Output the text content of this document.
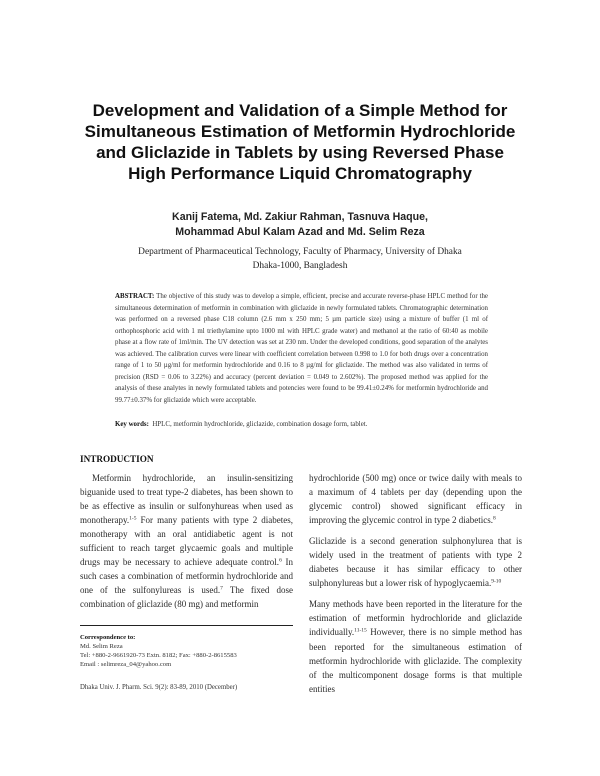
Development and Validation of a Simple Method for
Simultaneous Estimation of Metformin Hydrochloride
and Gliclazide in Tablets by using Reversed Phase
High Performance Liquid Chromatography
Kanij Fatema, Md. Zakiur Rahman, Tasnuva Haque,
Mohammad Abul Kalam Azad and Md. Selim Reza
Department of Pharmaceutical Technology, Faculty of Pharmacy, University of Dhaka
Dhaka-1000, Bangladesh
ABSTRACT: The objective of this study was to develop a simple, efficient, precise and accurate reverse-phase HPLC method for the simultaneous determination of metformin in combination with gliclazide in newly formulated tablets. Chromatographic determination was performed on a reversed phase C18 column (2.6 mm x 250 mm; 5 µm particle size) using a mixture of buffer (1 ml of orthophosphoric acid with 1 ml triethylamine upto 1000 ml with HPLC grade water) and methanol at the ratio of 60:40 as mobile phase at a flow rate of 1ml/min. The UV detection was set at 230 nm. Under the developed conditions, good separation of the analytes was achieved. The calibration curves were linear with coefficient correlation between 0.998 to 1.0 for both drugs over a concentration range of 1 to 50 µg/ml for metformin hydrochloride and 0.16 to 8 µg/ml for gliclazide. The method was also validated in terms of precision (RSD = 0.06 to 3.22%) and accuracy (percent deviation = 0.049 to 2.602%). The proposed method was applied for the analysis of these analytes in newly formulated tablets and potencies were found to be 99.41±0.24% for metformin hydrochloride and 99.77±0.37% for gliclazide which were acceptable.
Key words: HPLC, metformin hydrochloride, gliclazide, combination dosage form, tablet.
INTRODUCTION

Metformin hydrochloride, an insulin-sensitizing biguanide used to treat type-2 diabetes, has been shown to be as effective as insulin or sulfonyhureas when used as monotherapy.$^{1-5}$ For many patients with type 2 diabetes, monotherapy with an oral antidiabetic agent is not sufficient to reach target glycaemic goals and multiple drugs may be necessary to achieve adequate control.$^6$ In such cases a combination of metformin hydrochloride and one of the sulfonylureas is used.$^7$ The fixed dose combination of gliclazide (80 mg) and metformin

hydrochloride (500 mg) once or twice daily with meals to a maximum of 4 tablets per day (depending upon the glycemic control) showed significant efficacy in improving the glycemic control in type 2 diabetics.$^8$

Gliclazide is a second generation sulphonylurea that is widely used in the treatment of patients with type 2 diabetes because it has similar efficacy to other sulphonylureas but a lower risk of hypoglycaemia.$^{9-10}$

Many methods have been reported in the literature for the estimation of metformin hydrochloride and gliclazide individually.$^{11-15}$ However, there is no simple method has been reported for the simultaneous estimation of metformin hydrochloride with gliclazide. The complexity of the multicomponent dosage forms is that multiple entities

Correspondence to:
Md. Selim Reza
Tel: +880-2-9661920-73 Extn. 8182; Fax: +880-2-8615583
Email : selimreza_04@yahoo.com
Dhaka Univ. J. Pharm. Sci. 9(2): 83-89, 2010 (December)
